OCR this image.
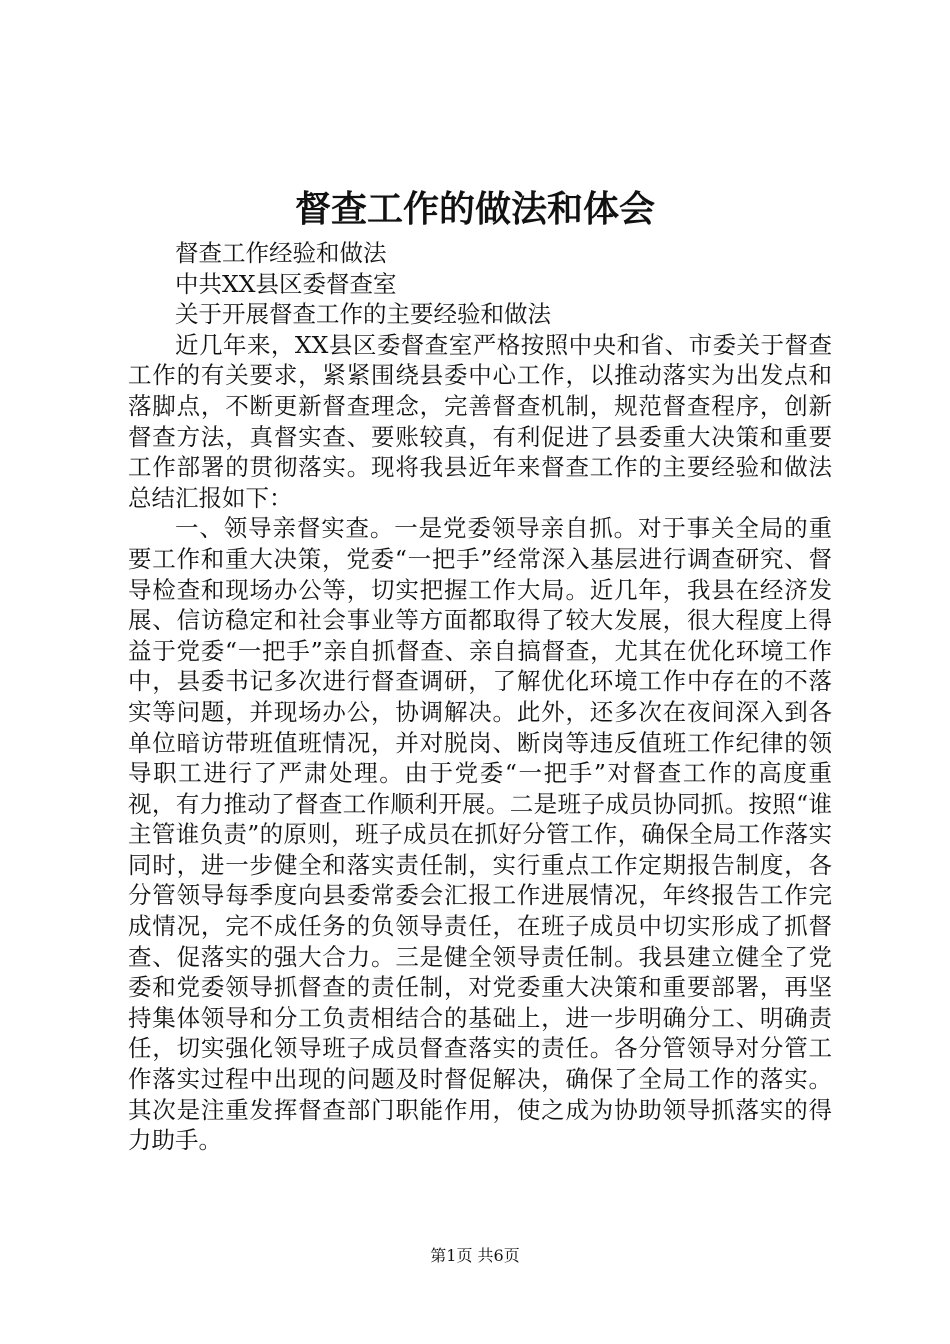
督查工作的做法和体会

督查工作经验和做法

中共XX县区委督查室

关于开展督查工作的主要经验和做法

近几年来，XX县区委督查室严格按照中央和省、市委关于督查工作的有关要求，紧紧围绕县委中心工作，以推动落实为出发点和落脚点，不断更新督查理念，完善督查机制，规范督查程序，创新督查方法，真督实查、要账较真，有利促进了县委重大决策和重要工作部署的贯彻落实。现将我县近年来督查工作的主要经验和做法总结汇报如下：

一、领导亲督实查。一是党委领导亲自抓。对于事关全局的重要工作和重大决策，党委“一把手”经常深入基层进行调查研究、督导检查和现场办公等，切实把握工作大局。近几年，我县在经济发展、信访稳定和社会事业等方面都取得了较大发展，很大程度上得益于党委“一把手”亲自抓督查、亲自搞督查，尤其在优化环境工作中，县委书记多次进行督查调研，了解优化环境工作中存在的不落实等问题，并现场办公，协调解决。此外，还多次在夜间深入到各单位暗访带班值班情况，并对脱岗、断岗等违反值班工作纪律的领导职工进行了严肃处理。由于党委“一把手”对督查工作的高度重视，有力推动了督查工作顺利开展。二是班子成员协同抓。按照“谁主管谁负责”的原则，班子成员在抓好分管工作，确保全局工作落实同时，进一步健全和落实责任制，实行重点工作定期报告制度，各分管领导每季度向县委常委会汇报工作进展情况，年终报告工作完成情况，完不成任务的负领导责任，在班子成员中切实形成了抓督查、促落实的强大合力。三是健全领导责任制。我县建立健全了党委和党委领导抓督查的责任制，对党委重大决策和重要部署，再坚持集体领导和分工负责相结合的基础上，进一步明确分工、明确责任，切实强化领导班子成员督查落实的责任。各分管领导对分管工作落实过程中出现的问题及时督促解决，确保了全局工作的落实。其次是注重发挥督查部门职能作用，使之成为协助领导抓落实的得力助手。

第1页 共6页
